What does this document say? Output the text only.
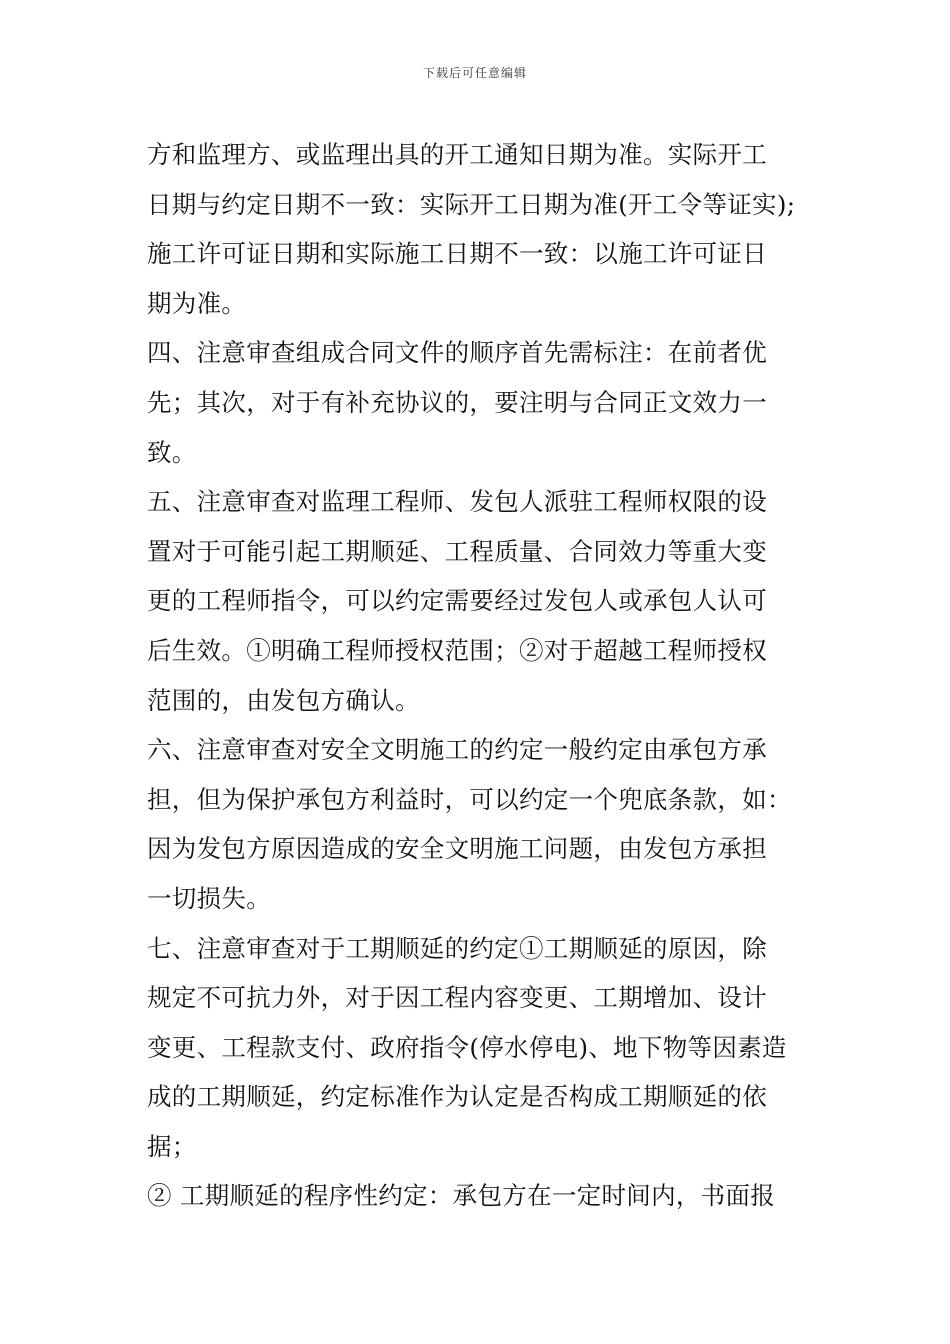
下载后可任意编辑
方和监理方、或监理出具的开工通知日期为准。实际开工
日期与约定日期不一致：实际开工日期为准(开工令等证实);
施工许可证日期和实际施工日期不一致：以施工许可证日
期为准。
四、注意审查组成合同文件的顺序首先需标注：在前者优
先；其次，对于有补充协议的，要注明与合同正文效力一
致。
五、注意审查对监理工程师、发包人派驻工程师权限的设
置对于可能引起工期顺延、工程质量、合同效力等重大变
更的工程师指令，可以约定需要经过发包人或承包人认可
后生效。①明确工程师授权范围；②对于超越工程师授权
范围的，由发包方确认。
六、注意审查对安全文明施工的约定一般约定由承包方承
担，但为保护承包方利益时，可以约定一个兜底条款，如：
因为发包方原因造成的安全文明施工问题，由发包方承担
一切损失。
七、注意审查对于工期顺延的约定①工期顺延的原因，除
规定不可抗力外，对于因工程内容变更、工期增加、设计
变更、工程款支付、政府指令(停水停电)、地下物等因素造
成的工期顺延，约定标准作为认定是否构成工期顺延的依
据；
② 工期顺延的程序性约定：承包方在一定时间内，书面报
